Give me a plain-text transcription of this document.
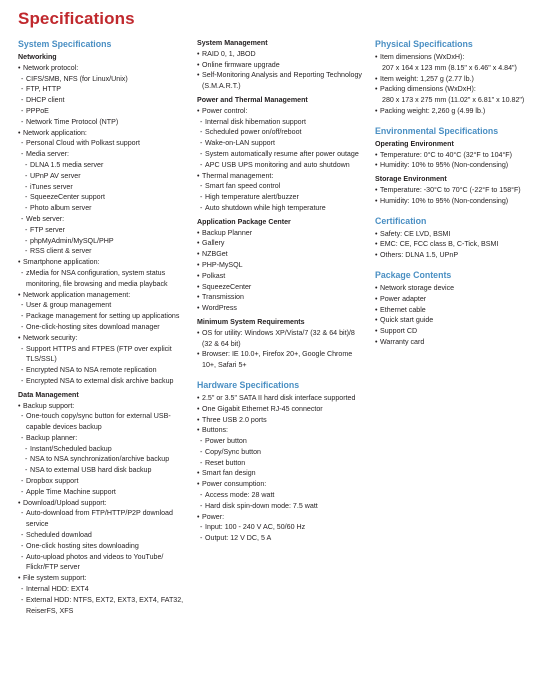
Specifications
System Specifications
Networking
• Network protocol:
- CIFS/SMB, NFS (for Linux/Unix)
- FTP, HTTP
- DHCP client
- PPPoE
- Network Time Protocol (NTP)
• Network application:
- Personal Cloud with Polkast support
- Media server:
- DLNA 1.5 media server
- UPnP AV server
- iTunes server
- SqueezeCenter support
- Photo album server
- Web server:
- FTP server
- phpMyAdmin/MySQL/PHP
- RSS client & server
• Smartphone application:
- zMedia for NSA configuration, system status monitoring, file browsing and media playback
• Network application management:
- User & group management
- Package management for setting up applications
- One-click-hosting sites download manager
• Network security:
- Support HTTPS and FTPES (FTP over explicit TLS/SSL)
- Encrypted NSA to NSA remote replication
- Encrypted NSA to external disk archive backup
Data Management
• Backup support:
- One-touch copy/sync button for external USB-capable devices backup
- Backup planner:
- Instant/Scheduled backup
- NSA to NSA synchronization/archive backup
- NSA to external USB hard disk backup
- Dropbox support
- Apple Time Machine support
• Download/Upload support:
- Auto-download from FTP/HTTP/P2P download service
- Scheduled download
- One-click hosting sites downloading
- Auto-upload photos and videos to YouTube/ Flickr/FTP server
• File system support:
- Internal HDD: EXT4
- External HDD: NTFS, EXT2, EXT3, EXT4, FAT32, ReiserFS, XFS
System Management
• RAID 0, 1, JBOD
• Online firmware upgrade
• Self-Monitoring Analysis and Reporting Technology (S.M.A.R.T.)
Power and Thermal Management
• Power control:
- Internal disk hibernation support
- Scheduled power on/off/reboot
- Wake-on-LAN support
- System automatically resume after power outage
- APC USB UPS monitoring and auto shutdown
• Thermal management:
- Smart fan speed control
- High temperature alert/buzzer
- Auto shutdown while high temperature
Application Package Center
• Backup Planner
• Gallery
• NZBGet
• PHP-MySQL
• Polkast
• SqueezeCenter
• Transmission
• WordPress
Minimum System Requirements
• OS for utility: Windows XP/Vista/7 (32 & 64 bit)/8 (32 & 64 bit)
• Browser: IE 10.0+, Firefox 20+, Google Chrome 10+, Safari 5+
Hardware Specifications
• 2.5" or 3.5" SATA II hard disk interface supported
• One Gigabit Ethernet RJ-45 connector
• Three USB 2.0 ports
• Buttons:
- Power button
- Copy/Sync button
- Reset button
• Smart fan design
• Power consumption:
- Access mode: 28 watt
- Hard disk spin-down mode: 7.5 watt
• Power:
- Input: 100 - 240 V AC, 50/60 Hz
- Output: 12 V DC, 5 A
Physical Specifications
• Item dimensions (WxDxH):
207 x 164 x 123 mm (8.15" x 6.46" x 4.84")
• Item weight: 1,257 g (2.77 lb.)
• Packing dimensions (WxDxH):
280 x 173 x 275 mm (11.02" x 6.81" x 10.82")
• Packing weight: 2,260 g (4.99 lb.)
Environmental Specifications
Operating Environment
• Temperature: 0°C to 40°C (32°F to 104°F)
• Humidity: 10% to 95% (Non-condensing)
Storage Environment
• Temperature: -30°C to 70°C (-22°F to 158°F)
• Humidity: 10% to 95% (Non-condensing)
Certification
• Safety: CE LVD, BSMI
• EMC: CE, FCC class B, C-Tick, BSMI
• Others: DLNA 1.5, UPnP
Package Contents
• Network storage device
• Power adapter
• Ethernet cable
• Quick start guide
• Support CD
• Warranty card
